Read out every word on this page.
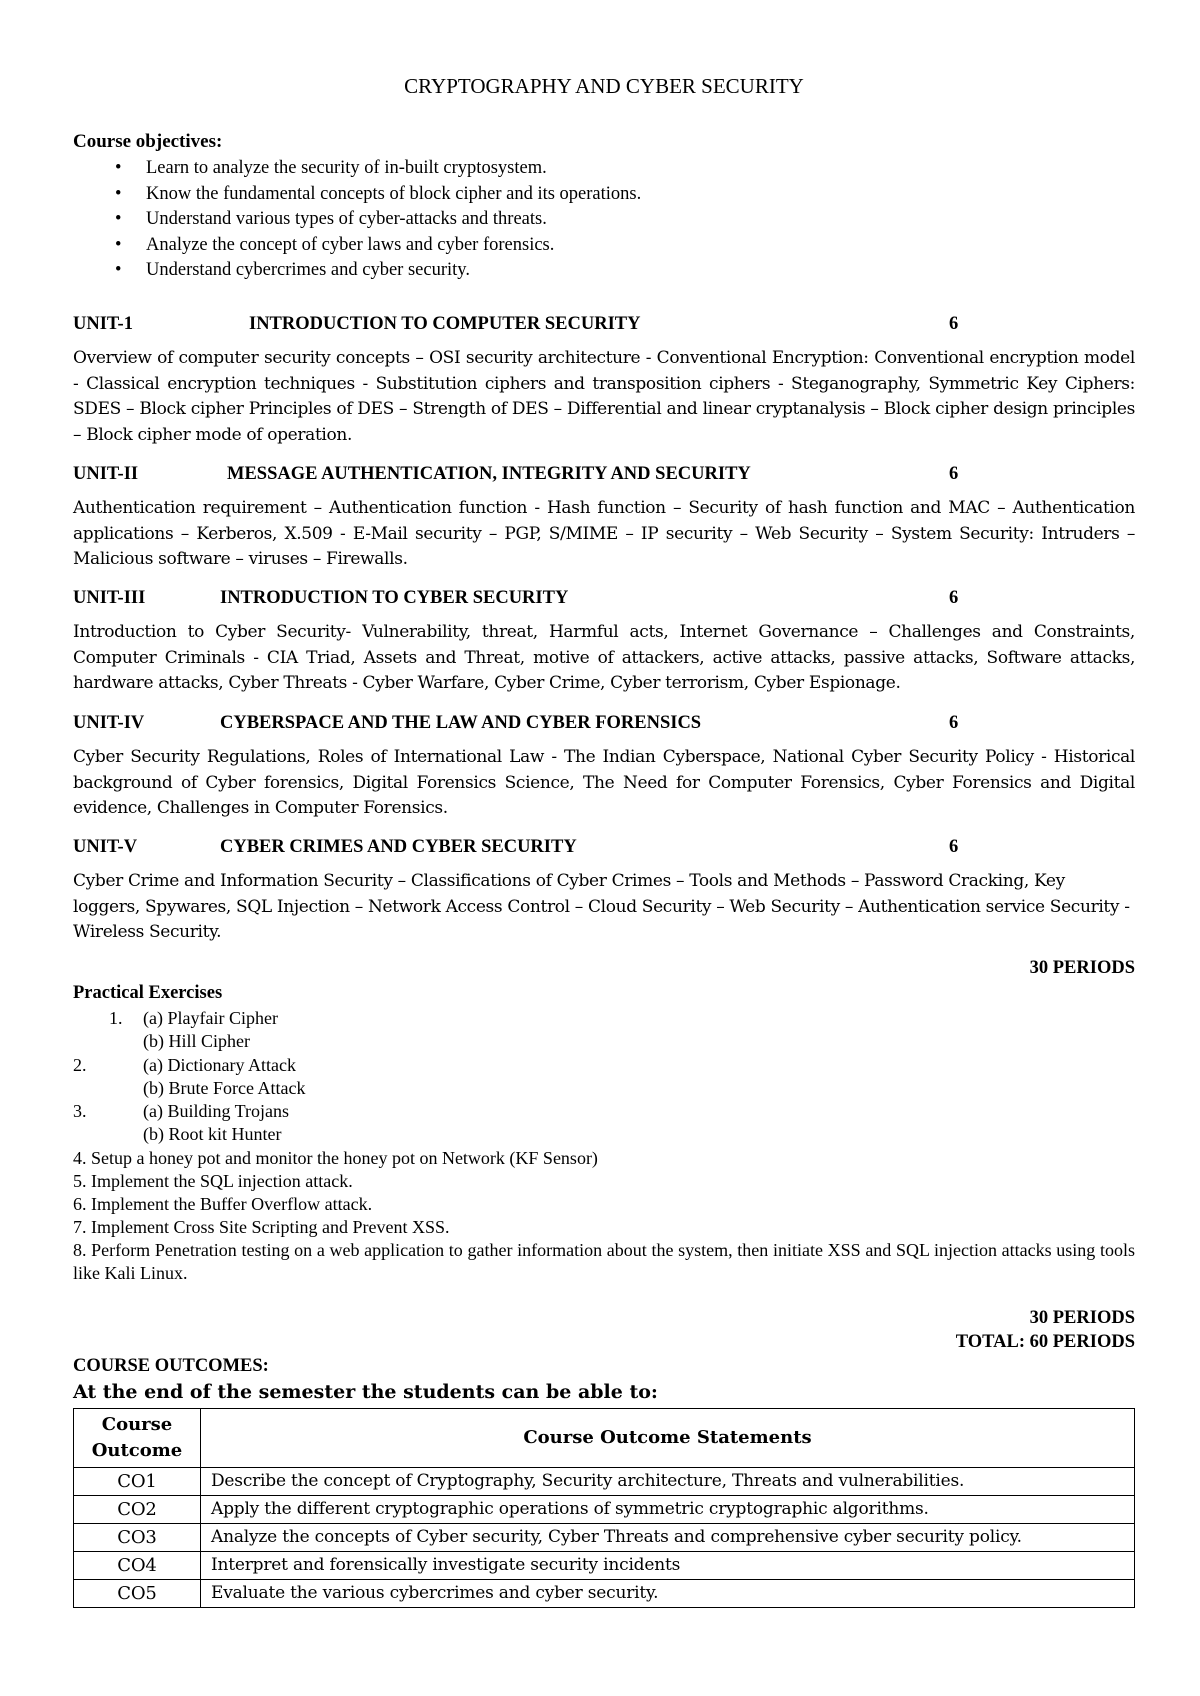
CRYPTOGRAPHY AND CYBER SECURITY
Course objectives:
• Learn to analyze the security of in-built cryptosystem.
• Know the fundamental concepts of block cipher and its operations.
• Understand various types of cyber-attacks and threats.
• Analyze the concept of cyber laws and cyber forensics.
• Understand cybercrimes and cyber security.
UNIT-1	INTRODUCTION TO COMPUTER SECURITY	6
Overview of computer security concepts – OSI security architecture - Conventional Encryption: Conventional encryption model - Classical encryption techniques - Substitution ciphers and transposition ciphers - Steganography, Symmetric Key Ciphers: SDES – Block cipher Principles of DES – Strength of DES – Differential and linear cryptanalysis – Block cipher design principles – Block cipher mode of operation.
UNIT-II	MESSAGE AUTHENTICATION, INTEGRITY AND SECURITY	6
Authentication requirement – Authentication function - Hash function – Security of hash function and MAC – Authentication applications – Kerberos, X.509 - E-Mail security – PGP, S/MIME – IP security – Web Security – System Security: Intruders – Malicious software – viruses – Firewalls.
UNIT-III	INTRODUCTION TO CYBER SECURITY	6
Introduction to Cyber Security- Vulnerability, threat, Harmful acts, Internet Governance – Challenges and Constraints, Computer Criminals - CIA Triad, Assets and Threat, motive of attackers, active attacks, passive attacks, Software attacks, hardware attacks, Cyber Threats - Cyber Warfare, Cyber Crime, Cyber terrorism, Cyber Espionage.
UNIT-IV	CYBERSPACE AND THE LAW AND CYBER FORENSICS	6
Cyber Security Regulations, Roles of International Law - The Indian Cyberspace, National Cyber Security Policy - Historical background of Cyber forensics, Digital Forensics Science, The Need for Computer Forensics, Cyber Forensics and Digital evidence, Challenges in Computer Forensics.
UNIT-V	CYBER CRIMES AND CYBER SECURITY	6
Cyber Crime and Information Security – Classifications of Cyber Crimes – Tools and Methods – Password Cracking, Key loggers, Spywares, SQL Injection – Network Access Control – Cloud Security – Web Security – Authentication service Security - Wireless Security.
30 PERIODS
Practical Exercises
1. (a) Playfair Cipher
(b) Hill Cipher
2.	(a) Dictionary Attack
(b) Brute Force Attack
3.	(a) Building Trojans
(b) Root kit Hunter
4. Setup a honey pot and monitor the honey pot on Network (KF Sensor)
5. Implement the SQL injection attack.
6. Implement the Buffer Overflow attack.
7. Implement Cross Site Scripting and Prevent XSS.
8. Perform Penetration testing on a web application to gather information about the system, then initiate XSS and SQL injection attacks using tools like Kali Linux.
30 PERIODS
TOTAL: 60 PERIODS
COURSE OUTCOMES:
At the end of the semester the students can be able to:
Course
Outcome	Course Outcome Statements
CO1	Describe the concept of Cryptography, Security architecture, Threats and vulnerabilities.
CO2	Apply the different cryptographic operations of symmetric cryptographic algorithms.
CO3	Analyze the concepts of Cyber security, Cyber Threats and comprehensive cyber security policy.
CO4	Interpret and forensically investigate security incidents
CO5	Evaluate the various cybercrimes and cyber security.
